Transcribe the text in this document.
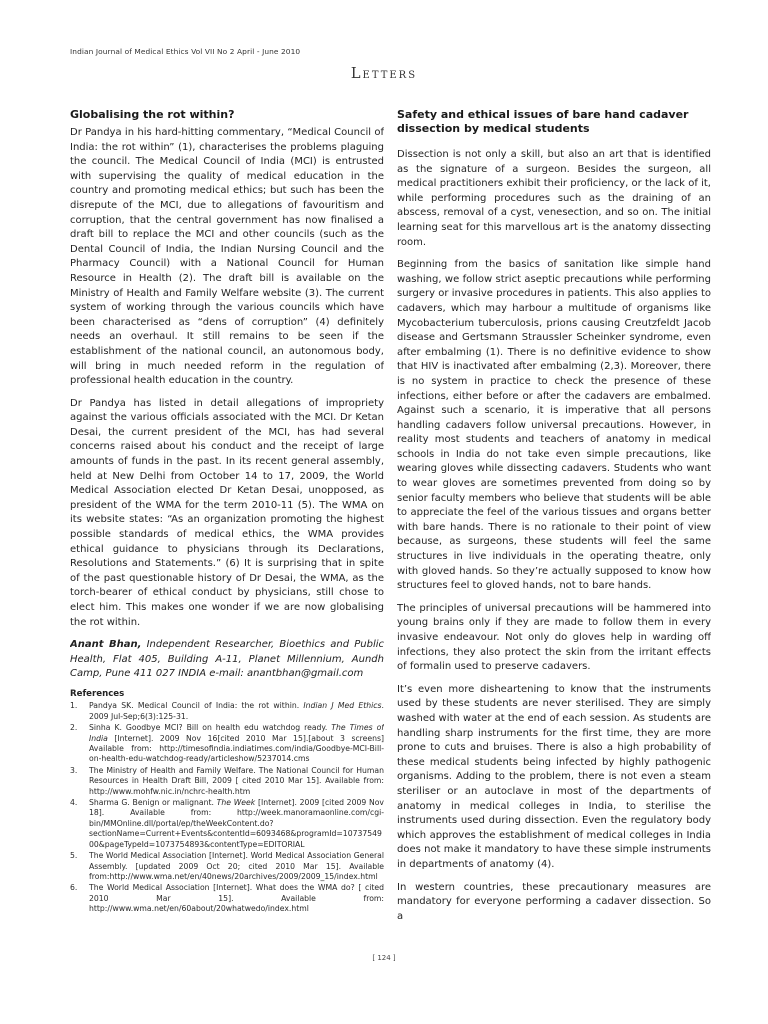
Indian Journal of Medical Ethics Vol VII No 2 April - June 2010
Letters
Globalising the rot within?

Dr Pandya in his hard-hitting commentary, “Medical Council of India: the rot within” (1), characterises the problems plaguing the council. The Medical Council of India (MCI) is entrusted with supervising the quality of medical education in the country and promoting medical ethics; but such has been the disrepute of the MCI, due to allegations of favouritism and corruption, that the central government has now finalised a draft bill to replace the MCI and other councils (such as the Dental Council of India, the Indian Nursing Council and the Pharmacy Council) with a National Council for Human Resource in Health (2). The draft bill is available on the Ministry of Health and Family Welfare website (3). The current system of working through the various councils which have been characterised as “dens of corruption” (4) definitely needs an overhaul. It still remains to be seen if the establishment of the national council, an autonomous body, will bring in much needed reform in the regulation of professional health education in the country.

Dr Pandya has listed in detail allegations of impropriety against the various officials associated with the MCI. Dr Ketan Desai, the current president of the MCI, has had several concerns raised about his conduct and the receipt of large amounts of funds in the past. In its recent general assembly, held at New Delhi from October 14 to 17, 2009, the World Medical Association elected Dr Ketan Desai, unopposed, as president of the WMA for the term 2010-11 (5). The WMA on its website states: “As an organization promoting the highest possible standards of medical ethics, the WMA provides ethical guidance to physicians through its Declarations, Resolutions and Statements.” (6) It is surprising that in spite of the past questionable history of Dr Desai, the WMA, as the torch-bearer of ethical conduct by physicians, still chose to elect him. This makes one wonder if we are now globalising the rot within.

Anant Bhan, Independent Researcher, Bioethics and Public Health, Flat 405, Building A-11, Planet Millennium, Aundh Camp, Pune 411 027 INDIA e-mail: anantbhan@gmail.com
References
1. Pandya SK. Medical Council of India: the rot within. Indian J Med Ethics. 2009 Jul-Sep;6(3):125-31.
2. Sinha K. Goodbye MCI? Bill on health edu watchdog ready. The Times of India [Internet]. 2009 Nov 16[cited 2010 Mar 15].[about 3 screens] Available from: http://timesofindia.indiatimes.com/india/Goodbye-MCI-Bill-on-health-edu-watchdog-ready/articleshow/5237014.cms
3. The Ministry of Health and Family Welfare. The National Council for Human Resources in Health Draft Bill, 2009 [ cited 2010 Mar 15]. Available from: http://www.mohfw.nic.in/nchrc-health.htm
4. Sharma G. Benign or malignant. The Week [Internet]. 2009 [cited 2009 Nov 18]. Available from: http://week.manoramaonline.com/cgi-bin/MMOnline.dll/portal/ep/theWeekContent.do?sectionName=Current+Events&contentId=6093468&programId=1073754900&pageTypeId=1073754893&contentType=EDITORIAL
5. The World Medical Association [Internet]. World Medical Association General Assembly. [updated 2009 Oct 20; cited 2010 Mar 15]. Available from:http://www.wma.net/en/40news/20archives/2009/2009_15/index.html
6. The World Medical Association [Internet]. What does the WMA do? [ cited 2010 Mar 15]. Available from: http://www.wma.net/en/60about/20whatwedo/index.html
Safety and ethical issues of bare hand cadaver dissection by medical students

Dissection is not only a skill, but also an art that is identified as the signature of a surgeon. Besides the surgeon, all medical practitioners exhibit their proficiency, or the lack of it, while performing procedures such as the draining of an abscess, removal of a cyst, venesection, and so on. The initial learning seat for this marvellous art is the anatomy dissecting room.

Beginning from the basics of sanitation like simple hand washing, we follow strict aseptic precautions while performing surgery or invasive procedures in patients. This also applies to cadavers, which may harbour a multitude of organisms like Mycobacterium tuberculosis, prions causing Creutzfeldt Jacob disease and Gertsmann Straussler Scheinker syndrome, even after embalming (1). There is no definitive evidence to show that HIV is inactivated after embalming (2,3). Moreover, there is no system in practice to check the presence of these infections, either before or after the cadavers are embalmed. Against such a scenario, it is imperative that all persons handling cadavers follow universal precautions. However, in reality most students and teachers of anatomy in medical schools in India do not take even simple precautions, like wearing gloves while dissecting cadavers. Students who want to wear gloves are sometimes prevented from doing so by senior faculty members who believe that students will be able to appreciate the feel of the various tissues and organs better with bare hands. There is no rationale to their point of view because, as surgeons, these students will feel the same structures in live individuals in the operating theatre, only with gloved hands. So they’re actually supposed to know how structures feel to gloved hands, not to bare hands.

The principles of universal precautions will be hammered into young brains only if they are made to follow them in every invasive endeavour. Not only do gloves help in warding off infections, they also protect the skin from the irritant effects of formalin used to preserve cadavers.

It’s even more disheartening to know that the instruments used by these students are never sterilised. They are simply washed with water at the end of each session. As students are handling sharp instruments for the first time, they are more prone to cuts and bruises. There is also a high probability of these medical students being infected by highly pathogenic organisms. Adding to the problem, there is not even a steam steriliser or an autoclave in most of the departments of anatomy in medical colleges in India, to sterilise the instruments used during dissection. Even the regulatory body which approves the establishment of medical colleges in India does not make it mandatory to have these simple instruments in departments of anatomy (4).

In western countries, these precautionary measures are mandatory for everyone performing a cadaver dissection. So a

[ 124 ]
